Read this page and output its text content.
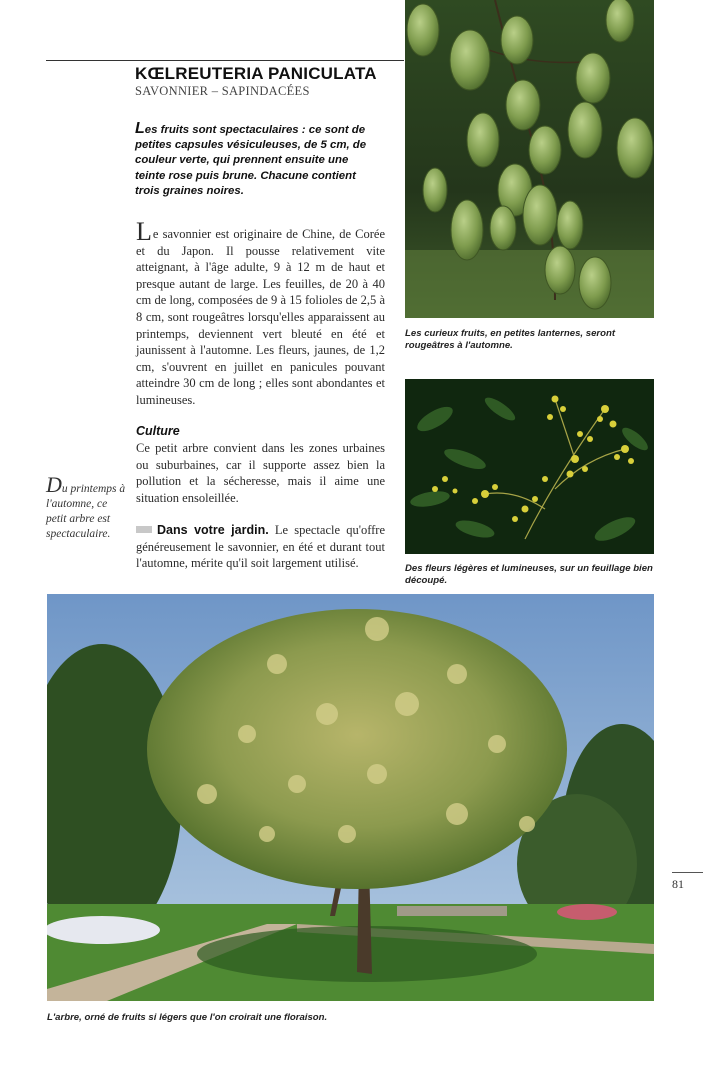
KŒLREUTERIA PANICULATA
SAVONNIER – SAPINDACÉES
Les fruits sont spectaculaires : ce sont de petites capsules vésiculeuses, de 5 cm, de couleur verte, qui prennent ensuite une teinte rose puis brune. Chacune contient trois graines noires.
Le savonnier est originaire de Chine, de Corée et du Japon. Il pousse relativement vite atteignant, à l'âge adulte, 9 à 12 m de haut et presque autant de large. Les feuilles, de 20 à 40 cm de long, composées de 9 à 15 folioles de 2,5 à 8 cm, sont rougeâtres lorsqu'elles apparaissent au printemps, deviennent vert bleuté en été et jaunissent à l'automne. Les fleurs, jaunes, de 1,2 cm, s'ouvrent en juillet en panicules pouvant atteindre 30 cm de long ; elles sont abondantes et lumineuses.
Culture
Ce petit arbre convient dans les zones urbaines ou suburbaines, car il supporte assez bien la pollution et la sécheresse, mais il aime une situation ensoleillée.
Dans votre jardin. Le spectacle qu'offre généreusement le savonnier, en été et durant tout l'automne, mérite qu'il soit largement utilisé.
Du printemps à l'automne, ce petit arbre est spectaculaire.
Les curieux fruits, en petites lanternes, seront rougeâtres à l'automne.
Des fleurs légères et lumineuses, sur un feuillage bien découpé.
L'arbre, orné de fruits si légers que l'on croirait une floraison.
81
